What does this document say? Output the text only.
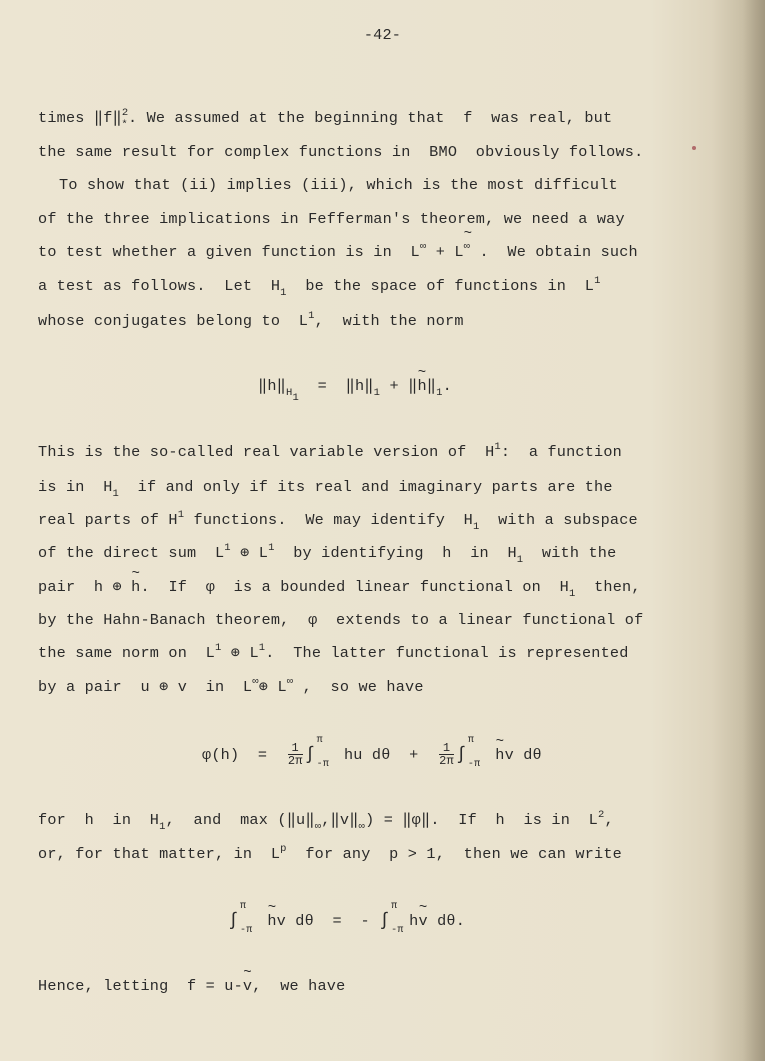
-42-
times ‖f‖$^2_*$. We assumed at the beginning that  f  was real, but
the same result for complex functions in  BMO  obviously follows.
To show that (ii) implies (iii), which is the most difficult
of the three implications in Fefferman's theorem, we need a way
to test whether a given function is in  L∞ + L∞ .  We obtain such
a test as follows.  Let  $H_1$  be the space of functions in  $L^1$
whose conjugates belong to  $L^1$,  with the norm
$‖h‖_{H1}$  =  $‖h‖_1$ + ‖~ $h‖_1$.
This is the so-called real variable version of  $H^1$:  a function
is in  $H_1$  if and only if its real and imaginary parts are the
real parts of $H^1$ functions.  We may identify  $H_1$  with a subspace
of the direct sum  $L^1$ ⊕ $L^1$  by identifying  h  in  $H_1$  with the
pair  h ⊕ ~ h.  If  φ  is a bounded linear functional on  $H_1$  then,
by the Hahn-Banach theorem,  φ  extends to a linear functional of
the same norm on  $L^1$ ⊕ $L^1$.  The latter functional is represented
by a pair  u ⊕ v  in  L∞⊕ L∞ ,  so we have
$\varphi(h) = \frac{1}{2\pi}$ ∫
π
-π
hu $d\theta + \frac{1}{2\pi}$ ∫
π
-π
~ hv dθ
for  h  in  $H_1$,  and  $\max (‖u‖_\infty,‖v‖_\infty)$ = ‖φ‖.  If  h  is in  $L^2$,
or, for that matter, in  $L^p$  for any  p > 1,  then we can write
∫
π
-π
~ hv dθ  =  - ∫
π
-π
h~ v dθ.
Hence, letting  f = u-~ v,  we have
